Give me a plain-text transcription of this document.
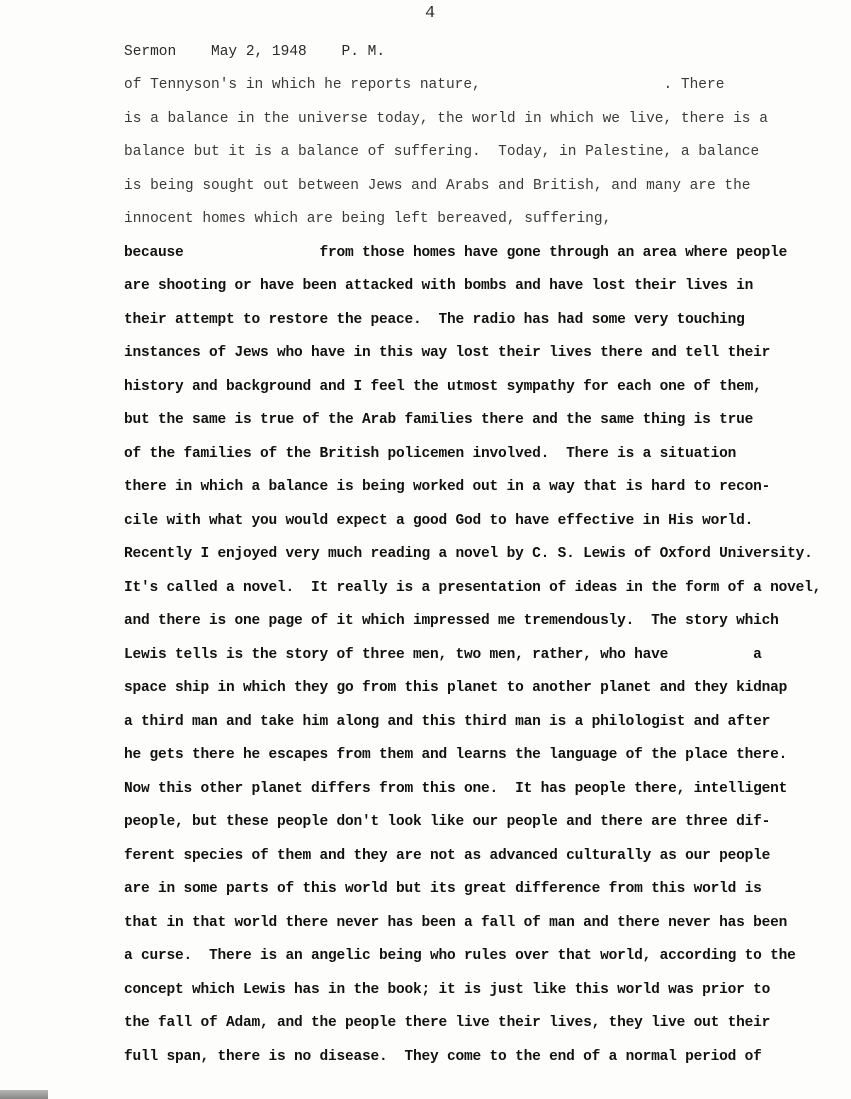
4
Sermon    May 2, 1948    P. M.
of Tennyson's in which he reports nature,                     . There
is a balance in the universe today, the world in which we live, there is a
balance but it is a balance of suffering.  Today, in Palestine, a balance
is being sought out between Jews and Arabs and British, and many are the
innocent homes which are being left bereaved, suffering,
because                from those homes have gone through an area where people
are shooting or have been attacked with bombs and have lost their lives in
their attempt to restore the peace.  The radio has had some very touching
instances of Jews who have in this way lost their lives there and tell their
history and background and I feel the utmost sympathy for each one of them,
but the same is true of the Arab families there and the same thing is true
of the families of the British policemen involved.  There is a situation
there in which a balance is being worked out in a way that is hard to recon-
cile with what you would expect a good God to have effective in His world.
Recently I enjoyed very much reading a novel by C. S. Lewis of Oxford University.
It's called a novel.  It really is a presentation of ideas in the form of a novel,
and there is one page of it which impressed me tremendously.  The story which
Lewis tells is the story of three men, two men, rather, who have          a
space ship in which they go from this planet to another planet and they kidnap
a third man and take him along and this third man is a philologist and after
he gets there he escapes from them and learns the language of the place there.
Now this other planet differs from this one.  It has people there, intelligent
people, but these people don't look like our people and there are three dif-
ferent species of them and they are not as advanced culturally as our people
are in some parts of this world but its great difference from this world is
that in that world there never has been a fall of man and there never has been
a curse.  There is an angelic being who rules over that world, according to the
concept which Lewis has in the book; it is just like this world was prior to
the fall of Adam, and the people there live their lives, they live out their
full span, there is no disease.  They come to the end of a normal period of
